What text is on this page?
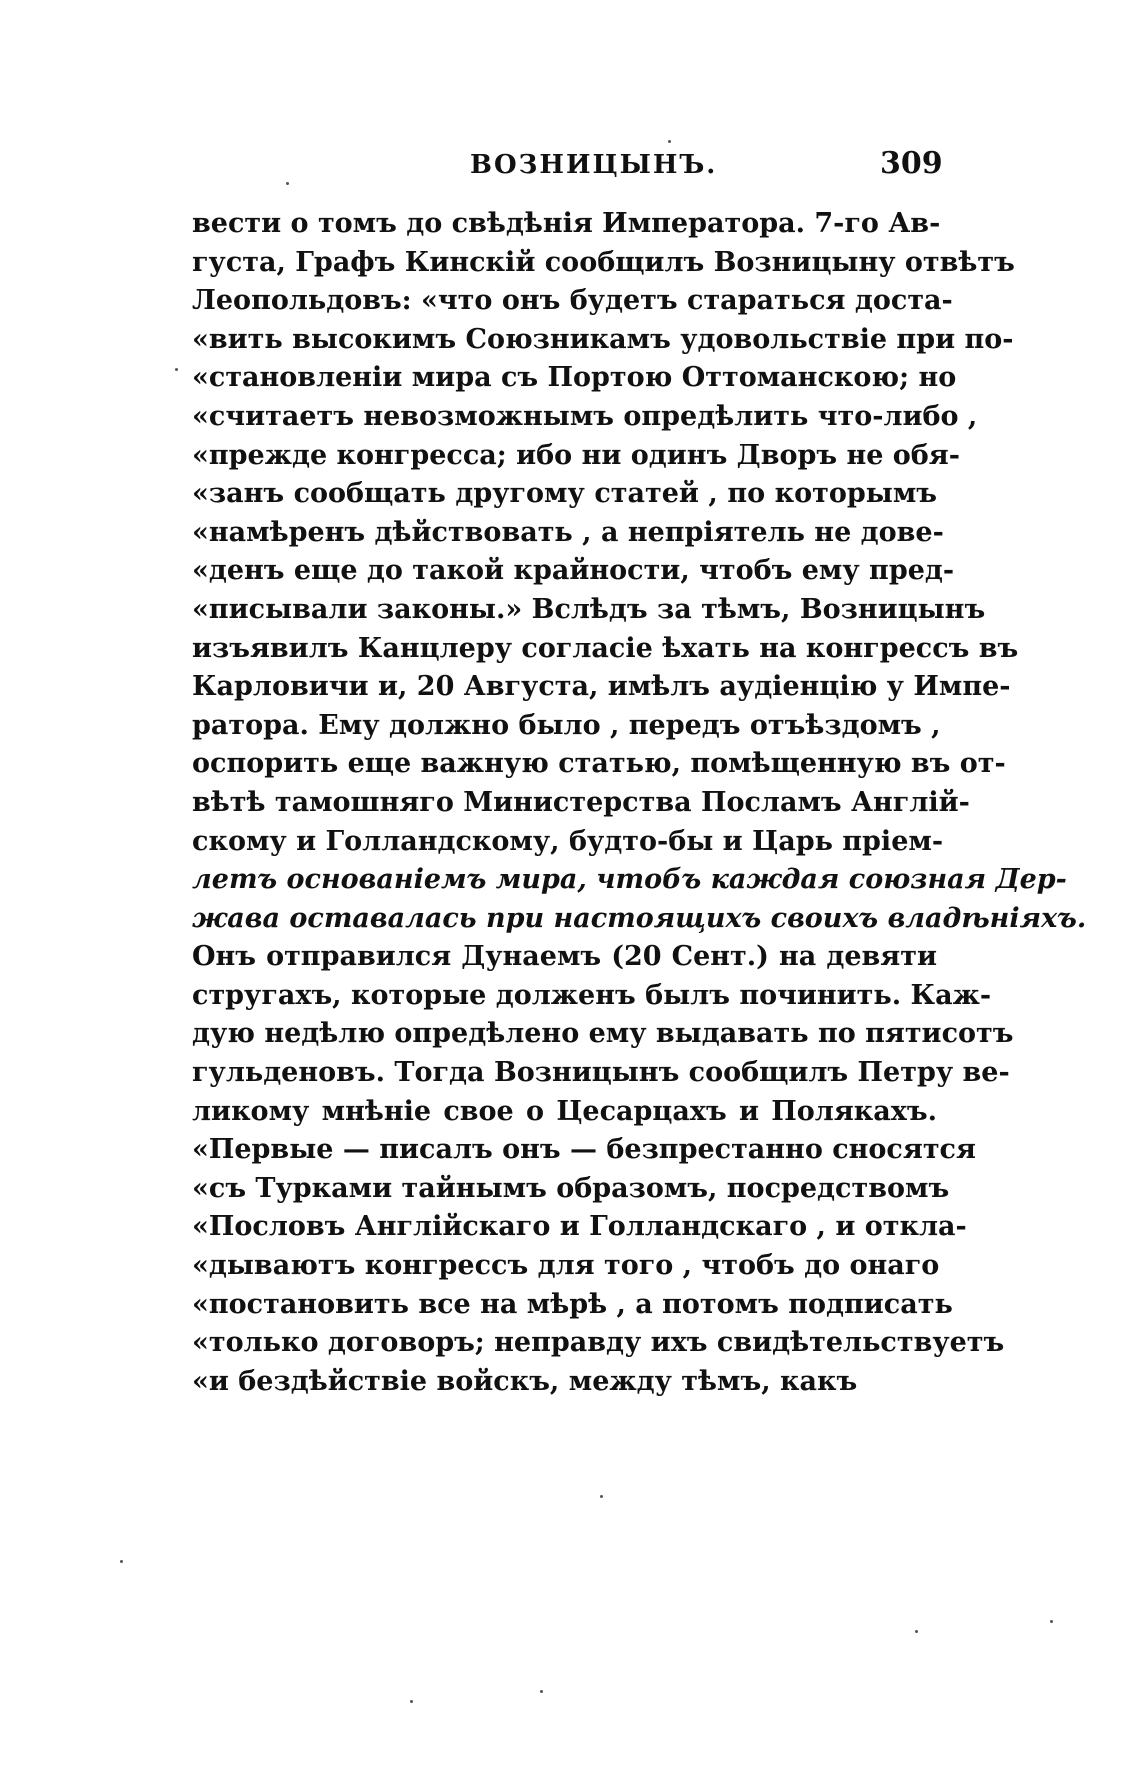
ВОЗНИЦЫНЪ.	309
вести о томъ до свѣдѣнія Императора. 7-го Ав-
густа, Графъ Кинскій сообщилъ Возницыну отвѣтъ
Леопольдовъ: «что онъ будетъ стараться доста-
«вить высокимъ Союзникамъ удовольствіе при по-
«становленіи мира съ Портою Оттоманскою; но
«считаетъ невозможнымъ опредѣлить что-либо ,
«прежде конгресса; ибо ни одинъ Дворъ не обя-
«занъ сообщать другому статей , по которымъ
«намѣренъ дѣйствовать , а непріятель не дове-
«денъ еще до такой крайности, чтобъ ему пред-
«писывали законы.» Вслѣдъ за тѣмъ, Возницынъ
изъявилъ Канцлеру согласіе ѣхать на конгрессъ въ
Карловичи и, 20 Августа, имѣлъ аудіенцію у Импе-
ратора. Ему должно было , передъ отъѣздомъ ,
оспорить еще важную статью, помѣщенную въ от-
вѣтѣ тамошняго Министерства Посламъ Англій-
скому и Голландскому, будто-бы и Царь пріем-
летъ основаніемъ мира, чтобъ каждая союзная Дер-
жава оставалась при настоящихъ своихъ владѣніяхъ.
Онъ отправился Дунаемъ (20 Сент.) на девяти
стругахъ, которые долженъ былъ починить. Каж-
дую недѣлю опредѣлено ему выдавать по пятисотъ
гульденовъ. Тогда Возницынъ сообщилъ Петру ве-
ликому мнѣніе свое о Цесарцахъ и Полякахъ.
«Первые — писалъ онъ — безпрестанно сносятся
«съ Турками тайнымъ образомъ, посредствомъ
«Пословъ Англійскаго и Голландскаго , и откла-
«дываютъ конгрессъ для того , чтобъ до онаго
«постановить все на мѣрѣ , а потомъ подписать
«только договоръ; неправду ихъ свидѣтельствуетъ
«и бездѣйствіе войскъ, между тѣмъ, какъ
